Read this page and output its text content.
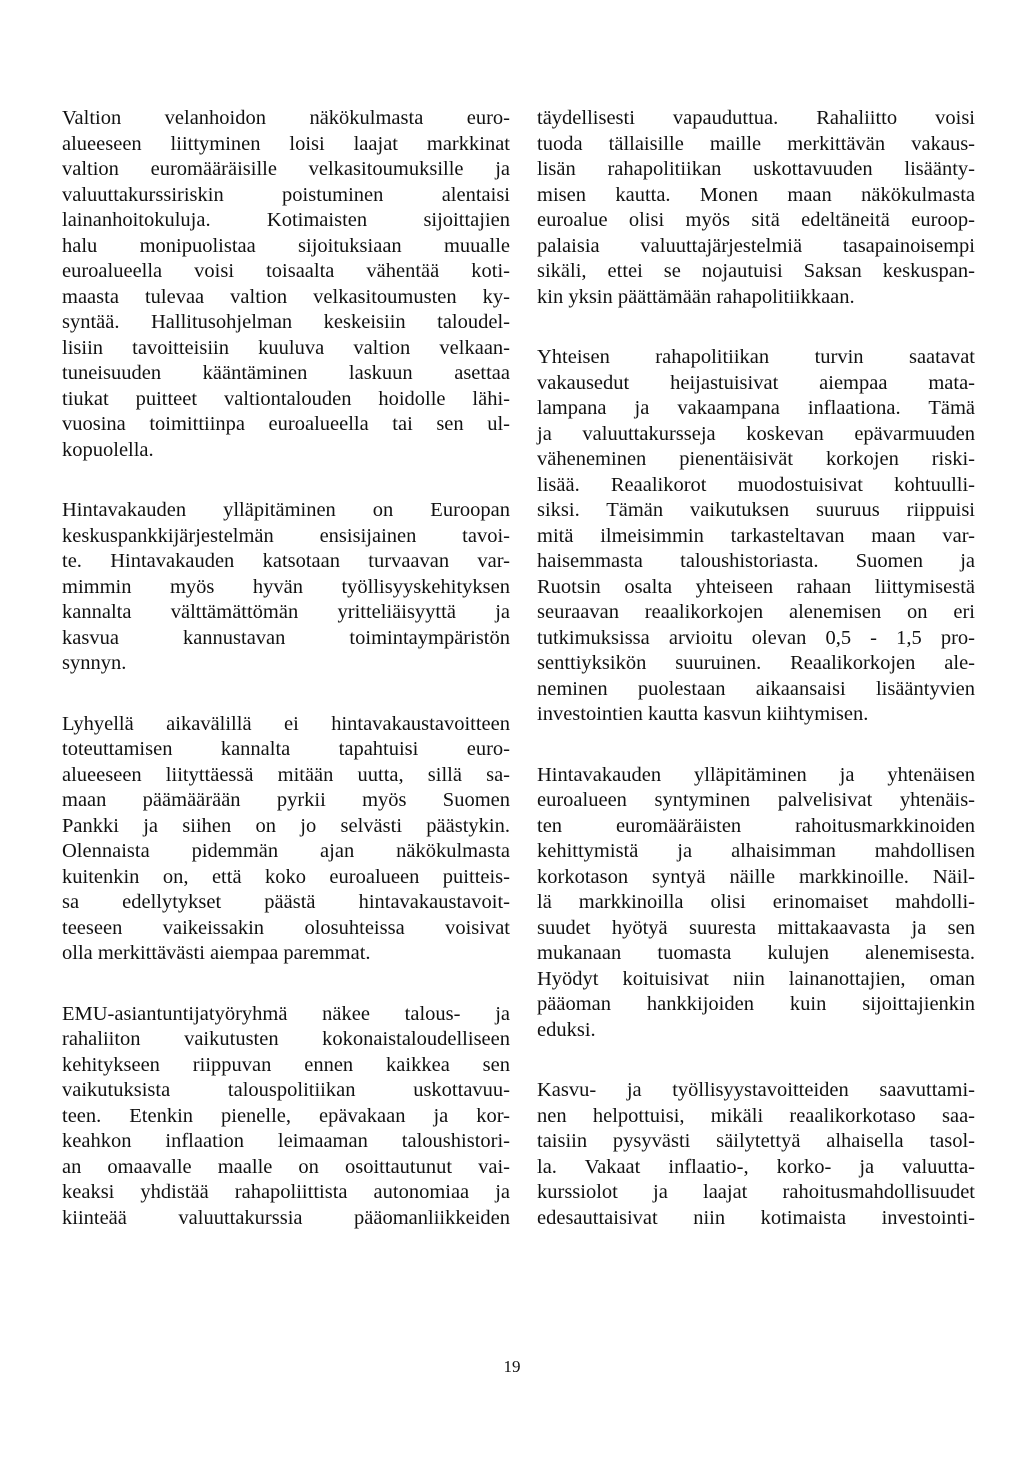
Valtion velanhoidon näkökulmasta euro-
alueeseen liittyminen loisi laajat markkinat
valtion euromääräisille velkasitoumuksille ja
valuuttakurssiriskin poistuminen alentaisi
lainanhoitokuluja. Kotimaisten sijoittajien
halu monipuolistaa sijoituksiaan muualle
euroalueella voisi toisaalta vähentää koti-
maasta tulevaa valtion velkasitoumusten ky-
syntää. Hallitusohjelman keskeisiin taloudel-
lisiin tavoitteisiin kuuluva valtion velkaan-
tuneisuuden kääntäminen laskuun asettaa
tiukat puitteet valtiontalouden hoidolle lähi-
vuosina toimittiinpa euroalueella tai sen ul-
kopuolella.
Hintavakauden ylläpitäminen on Euroopan
keskuspankkijärjestelmän ensisijainen tavoi-
te. Hintavakauden katsotaan turvaavan var-
mimmin myös hyvän työllisyyskehityksen
kannalta välttämättömän yritteliäisyyttä ja
kasvua kannustavan toimintaympäristön
synnyn.
Lyhyellä aikavälillä ei hintavakaustavoitteen
toteuttamisen kannalta tapahtuisi euro-
alueeseen liityttäessä mitään uutta, sillä sa-
maan päämäärään pyrkii myös Suomen
Pankki ja siihen on jo selvästi päästykin.
Olennaista pidemmän ajan näkökulmasta
kuitenkin on, että koko euroalueen puitteis-
sa edellytykset päästä hintavakaustavoit-
teeseen vaikeissakin olosuhteissa voisivat
olla merkittävästi aiempaa paremmat.
EMU-asiantuntijatyöryhmä näkee talous- ja
rahaliiton vaikutusten kokonaistaloudelliseen
kehitykseen riippuvan ennen kaikkea sen
vaikutuksista talouspolitiikan uskottavuu-
teen. Etenkin pienelle, epävakaan ja kor-
keahkon inflaation leimaaman taloushistori-
an omaavalle maalle on osoittautunut vai-
keaksi yhdistää rahapoliittista autonomiaa ja
kiinteää valuuttakurssia pääomanliikkeiden
täydellisesti vapauduttua. Rahaliitto voisi
tuoda tällaisille maille merkittävän vakaus-
lisän rahapolitiikan uskottavuuden lisäänty-
misen kautta. Monen maan näkökulmasta
euroalue olisi myös sitä edeltäneitä euroop-
palaisia valuuttajärjestelmiä tasapainoisempi
sikäli, ettei se nojautuisi Saksan keskuspan-
kin yksin päättämään rahapolitiikkaan.
Yhteisen rahapolitiikan turvin saatavat
vakausedut heijastuisivat aiempaa mata-
lampana ja vakaampana inflaationa. Tämä
ja valuuttakursseja koskevan epävarmuuden
väheneminen pienentäisivät korkojen riski-
lisää. Reaalikorot muodostuisivat kohtuulli-
siksi. Tämän vaikutuksen suuruus riippuisi
mitä ilmeisimmin tarkasteltavan maan var-
haisemmasta taloushistoriasta. Suomen ja
Ruotsin osalta yhteiseen rahaan liittymisestä
seuraavan reaalikorkojen alenemisen on eri
tutkimuksissa arvioitu olevan 0,5 - 1,5 pro-
senttiyksikön suuruinen. Reaalikorkojen ale-
neminen puolestaan aikaansaisi lisääntyvien
investointien kautta kasvun kiihtymisen.
Hintavakauden ylläpitäminen ja yhtenäisen
euroalueen syntyminen palvelisivat yhtenäis-
ten euromääräisten rahoitusmarkkinoiden
kehittymistä ja alhaisimman mahdollisen
korkotason syntyä näille markkinoille. Näil-
lä markkinoilla olisi erinomaiset mahdolli-
suudet hyötyä suuresta mittakaavasta ja sen
mukanaan tuomasta kulujen alenemisesta.
Hyödyt koituisivat niin lainanottajien, oman
pääoman hankkijoiden kuin sijoittajienkin
eduksi.
Kasvu- ja työllisyystavoitteiden saavuttami-
nen helpottuisi, mikäli reaalikorkotaso saa-
taisiin pysyvästi säilytettyä alhaisella tasol-
la. Vakaat inflaatio-, korko- ja valuutta-
kurssiolot ja laajat rahoitusmahdollisuudet
edesauttaisivat niin kotimaista investointi-
19
